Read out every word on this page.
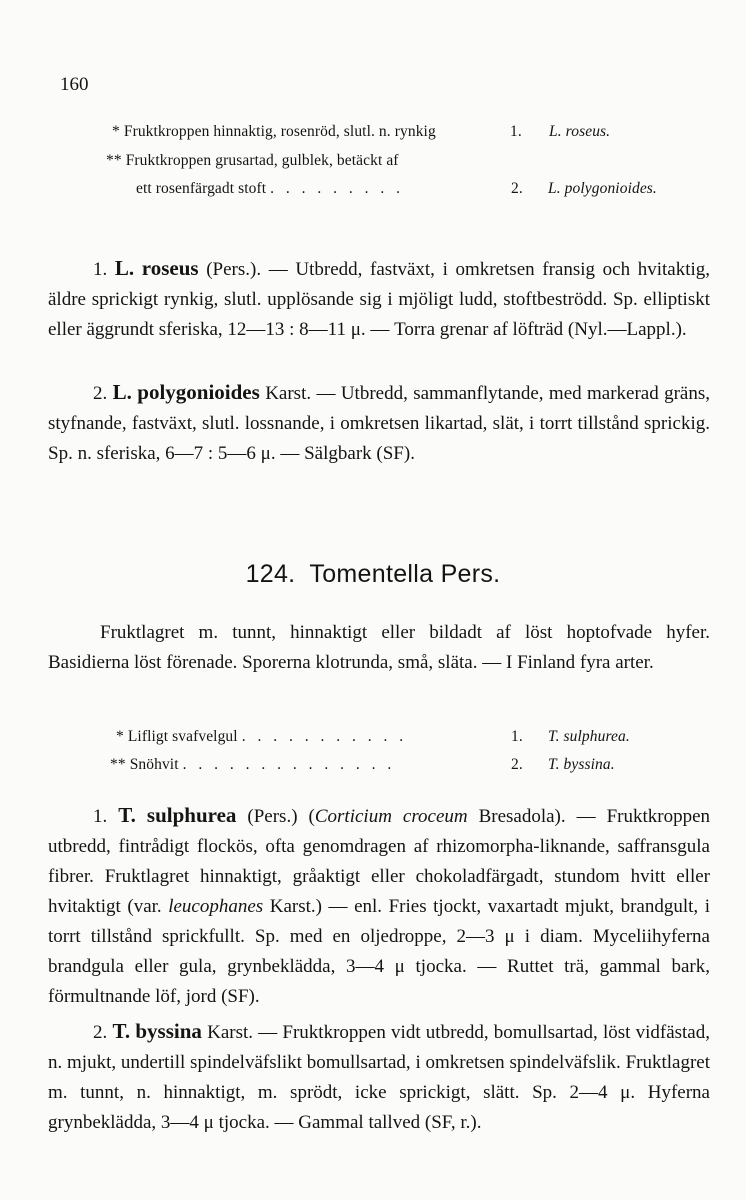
160
* Fruktkroppen hinnaktig, rosenröd, slutl. n. rynkig	1. L. roseus.
** Fruktkroppen grusartad, gulblek, betäckt af
ett rosenfärgadt stoft . . . . . . . . .	2. L. polygonioides.
1. L. roseus (Pers.). — Utbredd, fastväxt, i omkretsen fransig och hvitaktig, äldre sprickigt rynkig, slutl. upplösande sig i mjöligt ludd, stoftbeströdd. Sp. elliptiskt eller äggrundt sferiska, 12—13 : 8—11 μ. — Torra grenar af löfträd (Nyl.—Lappl.).
2. L. polygonioides Karst. — Utbredd, sammanflytande, med markerad gräns, styfnande, fastväxt, slutl. lossnande, i omkretsen likartad, slät, i torrt tillstånd sprickig. Sp. n. sferiska, 6—7 : 5—6 μ. — Sälgbark (SF).
124. Tomentella Pers.
Fruktlagret m. tunnt, hinnaktigt eller bildadt af löst hoptofvade hyfer. Basidierna löst förenade. Sporerna klotrunda, små, släta. — I Finland fyra arter.
* Lifligt svafvelgul . . . . . . . . . . .	1. T. sulphurea.
** Snöhvit . . . . . . . . . . . . . .	2. T. byssina.
1. T. sulphurea (Pers.) (Corticium croceum Bresadola). — Fruktkroppen utbredd, fintrådigt flockös, ofta genomdragen af rhizomorpha-liknande, saffransgula fibrer. Fruktlagret hinnaktigt, gråaktigt eller chokoladfärgadt, stundom hvitt eller hvitaktigt (var. leucophanes Karst.) — enl. Fries tjockt, vaxartadt mjukt, brandgult, i torrt tillstånd sprickfullt. Sp. med en oljedroppe, 2—3 μ i diam. Myceliihyferna brandgula eller gula, grynbeklädda, 3—4 μ tjocka. — Ruttet trä, gammal bark, förmultnande löf, jord (SF).
2. T. byssina Karst. — Fruktkroppen vidt utbredd, bomullsartad, löst vidfästad, n. mjukt, undertill spindelväfslikt bomullsartad, i omkretsen spindelväfslik. Fruktlagret m. tunnt, n. hinnaktigt, m. sprödt, icke sprickigt, slätt. Sp. 2—4 μ. Hyferna grynbeklädda, 3—4 μ tjocka. — Gammal tallved (SF, r.).
